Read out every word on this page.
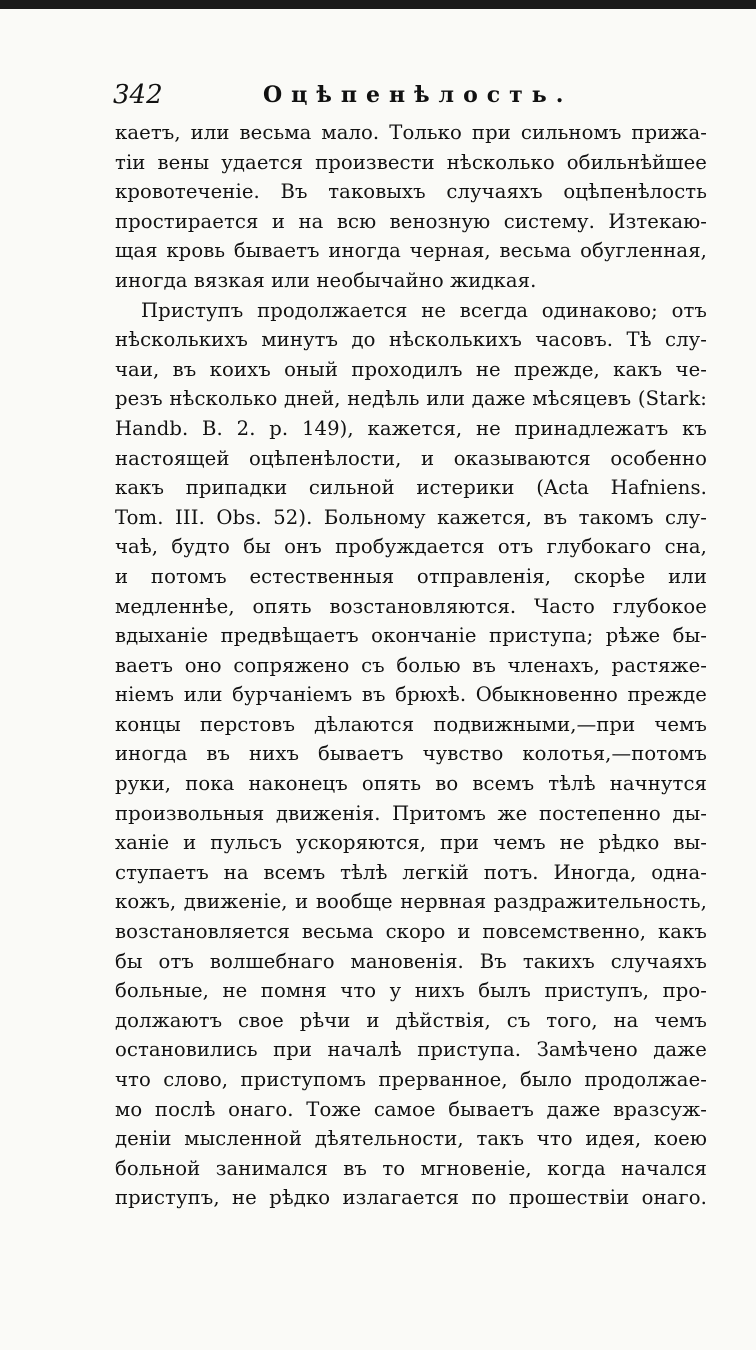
342	Оцѣпенѣлость.
каетъ, или весьма мало. Только при сильномъ прижа-
тіи вены удается произвести нѣсколько обильнѣйшее
кровотеченіе. Въ таковыхъ случаяхъ оцѣпенѣлость
простирается и на всю венозную систему. Изтекаю-
щая кровь бываетъ иногда черная, весьма обугленная,
иногда вязкая или необычайно жидкая.
Приступъ продолжается не всегда одинаково; отъ
нѣсколькихъ минутъ до нѣсколькихъ часовъ. Тѣ слу-
чаи, въ коихъ оный проходилъ не прежде, какъ че-
резъ нѣсколько дней, недѣль или даже мѣсяцевъ (Stark:
Handb. B. 2. p. 149), кажется, не принадлежатъ къ
настоящей оцѣпенѣлости, и оказываются особенно
какъ припадки сильной истерики (Acta Hafniens.
Tom. III. Obs. 52). Больному кажется, въ такомъ слу-
чаѣ, будто бы онъ пробуждается отъ глубокаго сна,
и потомъ естественныя отправленія, скорѣе или
медленнѣе, опять возстановляются. Часто глубокое
вдыханіе предвѣщаетъ окончаніе приступа; рѣже бы-
ваетъ оно сопряжено съ болью въ членахъ, растяже-
ніемъ или бурчаніемъ въ брюхѣ. Обыкновенно прежде
концы перстовъ дѣлаются подвижными,—при чемъ
иногда въ нихъ бываетъ чувство колотья,—потомъ
руки, пока наконецъ опять во всемъ тѣлѣ начнутся
произвольныя движенія. Притомъ же постепенно ды-
ханіе и пульсъ ускоряются, при чемъ не рѣдко вы-
ступаетъ на всемъ тѣлѣ легкій потъ. Иногда, одна-
кожъ, движеніе, и вообще нервная раздражительность,
возстановляется весьма скоро и повсемственно, какъ
бы отъ волшебнаго мановенія. Въ такихъ случаяхъ
больные, не помня что у нихъ былъ приступъ, про-
должаютъ свое рѣчи и дѣйствія, съ того, на чемъ
остановились при началѣ приступа. Замѣчено даже
что слово, приступомъ прерванное, было продолжае-
мо послѣ онаго. Тоже самое бываетъ даже вразсуж-
деніи мысленной дѣятельности, такъ что идея, коею
больной занимался въ то мгновеніе, когда начался
приступъ, не рѣдко излагается по прошествіи онаго.
